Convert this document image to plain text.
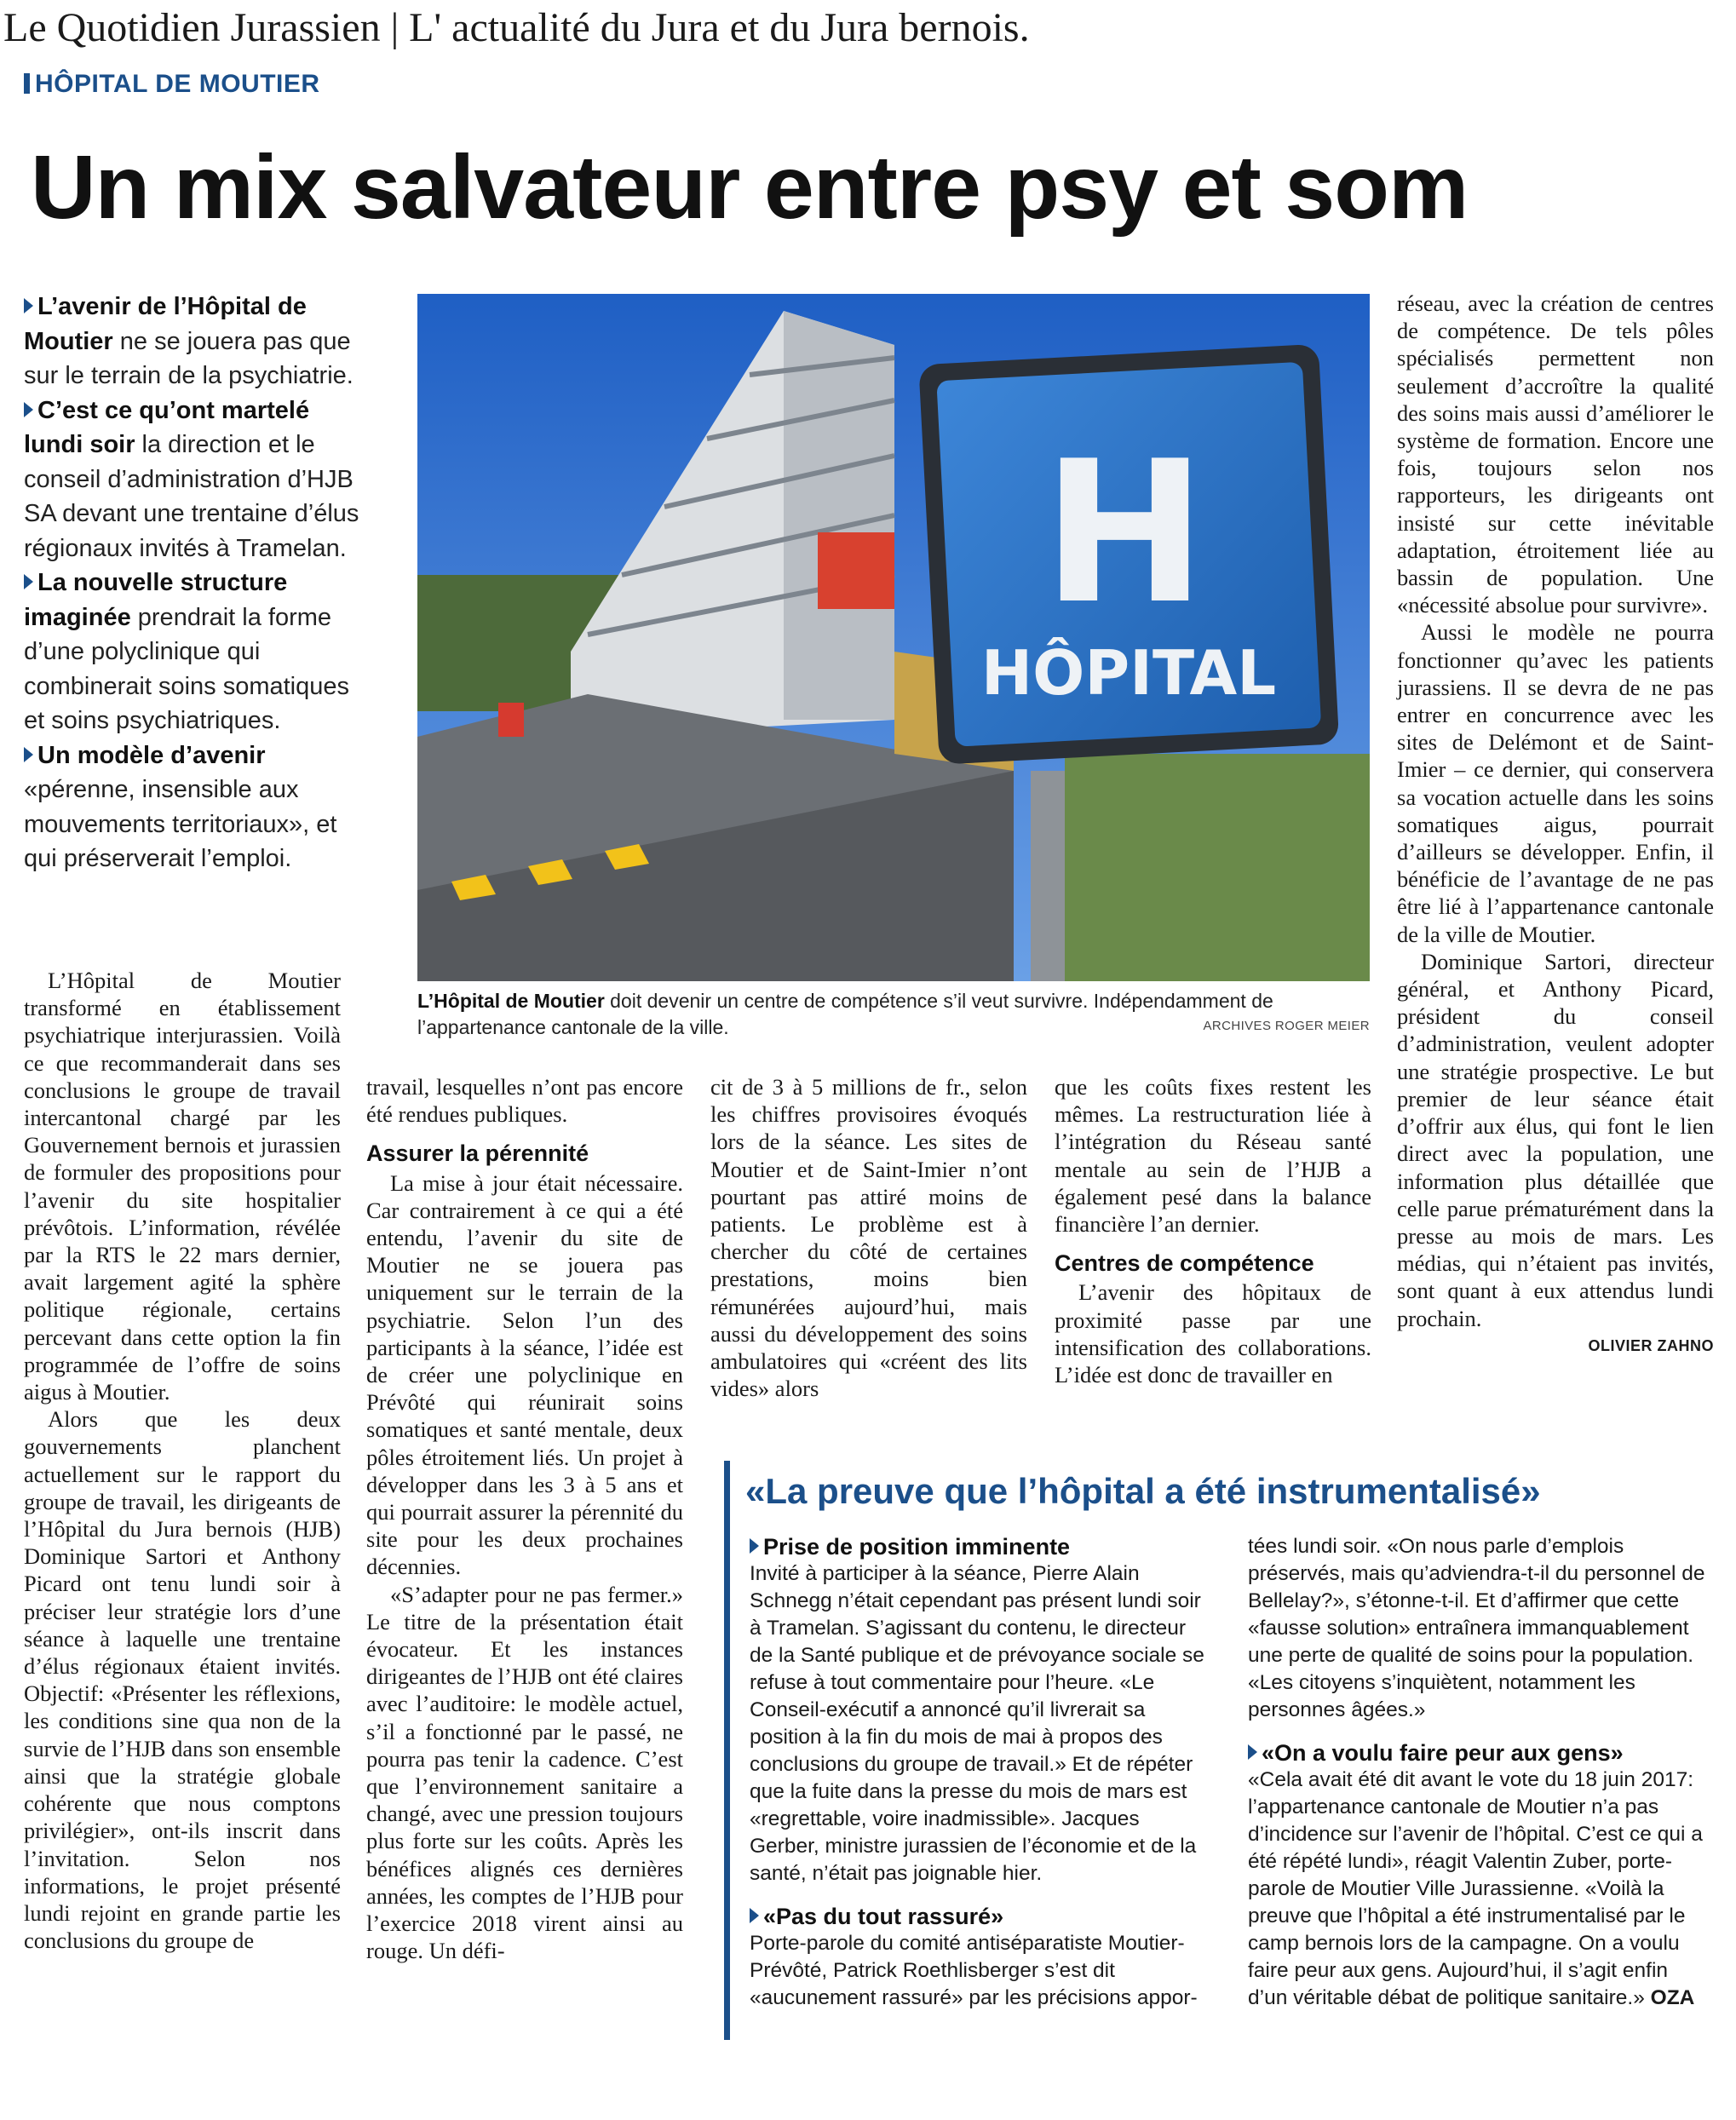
Le Quotidien Jurassien | L' actualité du Jura et du Jura bernois.
HÔPITAL DE MOUTIER
Un mix salvateur entre psy et som

L’avenir de l’Hôpital de Moutier ne se jouera pas que sur le terrain de la psychiatrie.

C’est ce qu’ont martelé lundi soir la direction et le conseil d’administration d’HJB SA devant une trentaine d’élus régionaux invités à Tramelan.

La nouvelle structure imaginée prendrait la forme d’une polyclinique qui combinerait soins somatiques et soins psychiatriques.

Un modèle d’avenir «pérenne, insensible aux mouvements territoriaux», et qui préserverait l’emploi.

H
HÔPITAL
L’Hôpital de Moutier doit devenir un centre de compétence s’il veut survivre. Indépendamment de l’appartenance cantonale de la ville.	ARCHIVES ROGER MEIER

L’Hôpital de Moutier transformé en établissement psychiatrique interjurassien. Voilà ce que recommanderait dans ses conclusions le groupe de travail intercantonal chargé par les Gouvernement bernois et jurassien de formuler des propositions pour l’avenir du site hospitalier prévôtois. L’information, révélée par la RTS le 22 mars dernier, avait largement agité la sphère politique régionale, certains percevant dans cette option la fin programmée de l’offre de soins aigus à Moutier.

Alors que les deux gouvernements planchent actuellement sur le rapport du groupe de travail, les dirigeants de l’Hôpital du Jura bernois (HJB) Dominique Sartori et Anthony Picard ont tenu lundi soir à préciser leur stratégie lors d’une séance à laquelle une trentaine d’élus régionaux étaient invités. Objectif: «Présenter les réflexions, les conditions sine qua non de la survie de l’HJB dans son ensemble ainsi que la stratégie globale cohérente que nous comptons privilégier», ont-ils inscrit dans l’invitation. Selon nos informations, le projet présenté lundi rejoint en grande partie les conclusions du groupe de

travail, lesquelles n’ont pas encore été rendues publiques.

Assurer la pérennité

La mise à jour était nécessaire. Car contrairement à ce qui a été entendu, l’avenir du site de Moutier ne se jouera pas uniquement sur le terrain de la psychiatrie. Selon l’un des participants à la séance, l’idée est de créer une polyclinique en Prévôté qui réunirait soins somatiques et santé mentale, deux pôles étroitement liés. Un projet à développer dans les 3 à 5 ans et qui pourrait assurer la pérennité du site pour les deux prochaines décennies.

«S’adapter pour ne pas fermer.» Le titre de la présentation était évocateur. Et les instances dirigeantes de l’HJB ont été claires avec l’auditoire: le modèle actuel, s’il a fonctionné par le passé, ne pourra pas tenir la cadence. C’est que l’environnement sanitaire a changé, avec une pression toujours plus forte sur les coûts. Après les bénéfices alignés ces dernières années, les comptes de l’HJB pour l’exercice 2018 virent ainsi au rouge. Un défi-

cit de 3 à 5 millions de fr., selon les chiffres provisoires évoqués lors de la séance. Les sites de Moutier et de Saint-Imier n’ont pourtant pas attiré moins de patients. Le problème est à chercher du côté de certaines prestations, moins bien rémunérées aujourd’hui, mais aussi du développement des soins ambulatoires qui «créent des lits vides» alors

que les coûts fixes restent les mêmes. La restructuration liée à l’intégration du Réseau santé mentale au sein de l’HJB a également pesé dans la balance financière l’an dernier.

Centres de compétence

L’avenir des hôpitaux de proximité passe par une intensification des collaborations. L’idée est donc de travailler en

réseau, avec la création de centres de compétence. De tels pôles spécialisés permettent non seulement d’accroître la qualité des soins mais aussi d’améliorer le système de formation. Encore une fois, toujours selon nos rapporteurs, les dirigeants ont insisté sur cette inévitable adaptation, étroitement liée au bassin de population. Une «nécessité absolue pour survivre».

Aussi le modèle ne pourra fonctionner qu’avec les patients jurassiens. Il se devra de ne pas entrer en concurrence avec les sites de Delémont et de Saint-Imier – ce dernier, qui conservera sa vocation actuelle dans les soins somatiques aigus, pourrait d’ailleurs se développer. Enfin, il bénéficie de l’avantage de ne pas être lié à l’appartenance cantonale de la ville de Moutier.

Dominique Sartori, directeur général, et Anthony Picard, président du conseil d’administration, veulent adopter une stratégie prospective. Le but premier de leur séance était d’offrir aux élus, qui font le lien direct avec la population, une information plus détaillée que celle parue prématurément dans la presse au mois de mars. Les médias, qui n’étaient pas invités, sont quant à eux attendus lundi prochain.

OLIVIER ZAHNO
«La preuve que l’hôpital a été instrumentalisé»
Prise de position imminente

Invité à participer à la séance, Pierre Alain Schnegg n’était cependant pas présent lundi soir à Tramelan. S’agissant du contenu, le directeur de la Santé publique et de prévoyance sociale se refuse à tout commentaire pour l’heure. «Le Conseil-exécutif a annoncé qu’il livrerait sa position à la fin du mois de mai à propos des conclusions du groupe de travail.» Et de répéter que la fuite dans la presse du mois de mars est «regrettable, voire inadmissible». Jacques Gerber, ministre jurassien de l’économie et de la santé, n’était pas joignable hier.

«Pas du tout rassuré»

Porte-parole du comité antiséparatiste Moutier-Prévôté, Patrick Roethlisberger s’est dit «aucunement rassuré» par les précisions appor-

tées lundi soir. «On nous parle d’emplois préservés, mais qu’adviendra-t-il du personnel de Bellelay?», s’étonne-t-il. Et d’affirmer que cette «fausse solution» entraînera immanquablement une perte de qualité de soins pour la population. «Les citoyens s’inquiètent, notamment les personnes âgées.»

«On a voulu faire peur aux gens»

«Cela avait été dit avant le vote du 18 juin 2017: l’appartenance cantonale de Moutier n’a pas d’incidence sur l’avenir de l’hôpital. C’est ce qui a été répété lundi», réagit Valentin Zuber, porte-parole de Moutier Ville Jurassienne. «Voilà la preuve que l’hôpital a été instrumentalisé par le camp bernois lors de la campagne. On a voulu faire peur aux gens. Aujourd’hui, il s’agit enfin d’un véritable débat de politique sanitaire.» OZA
